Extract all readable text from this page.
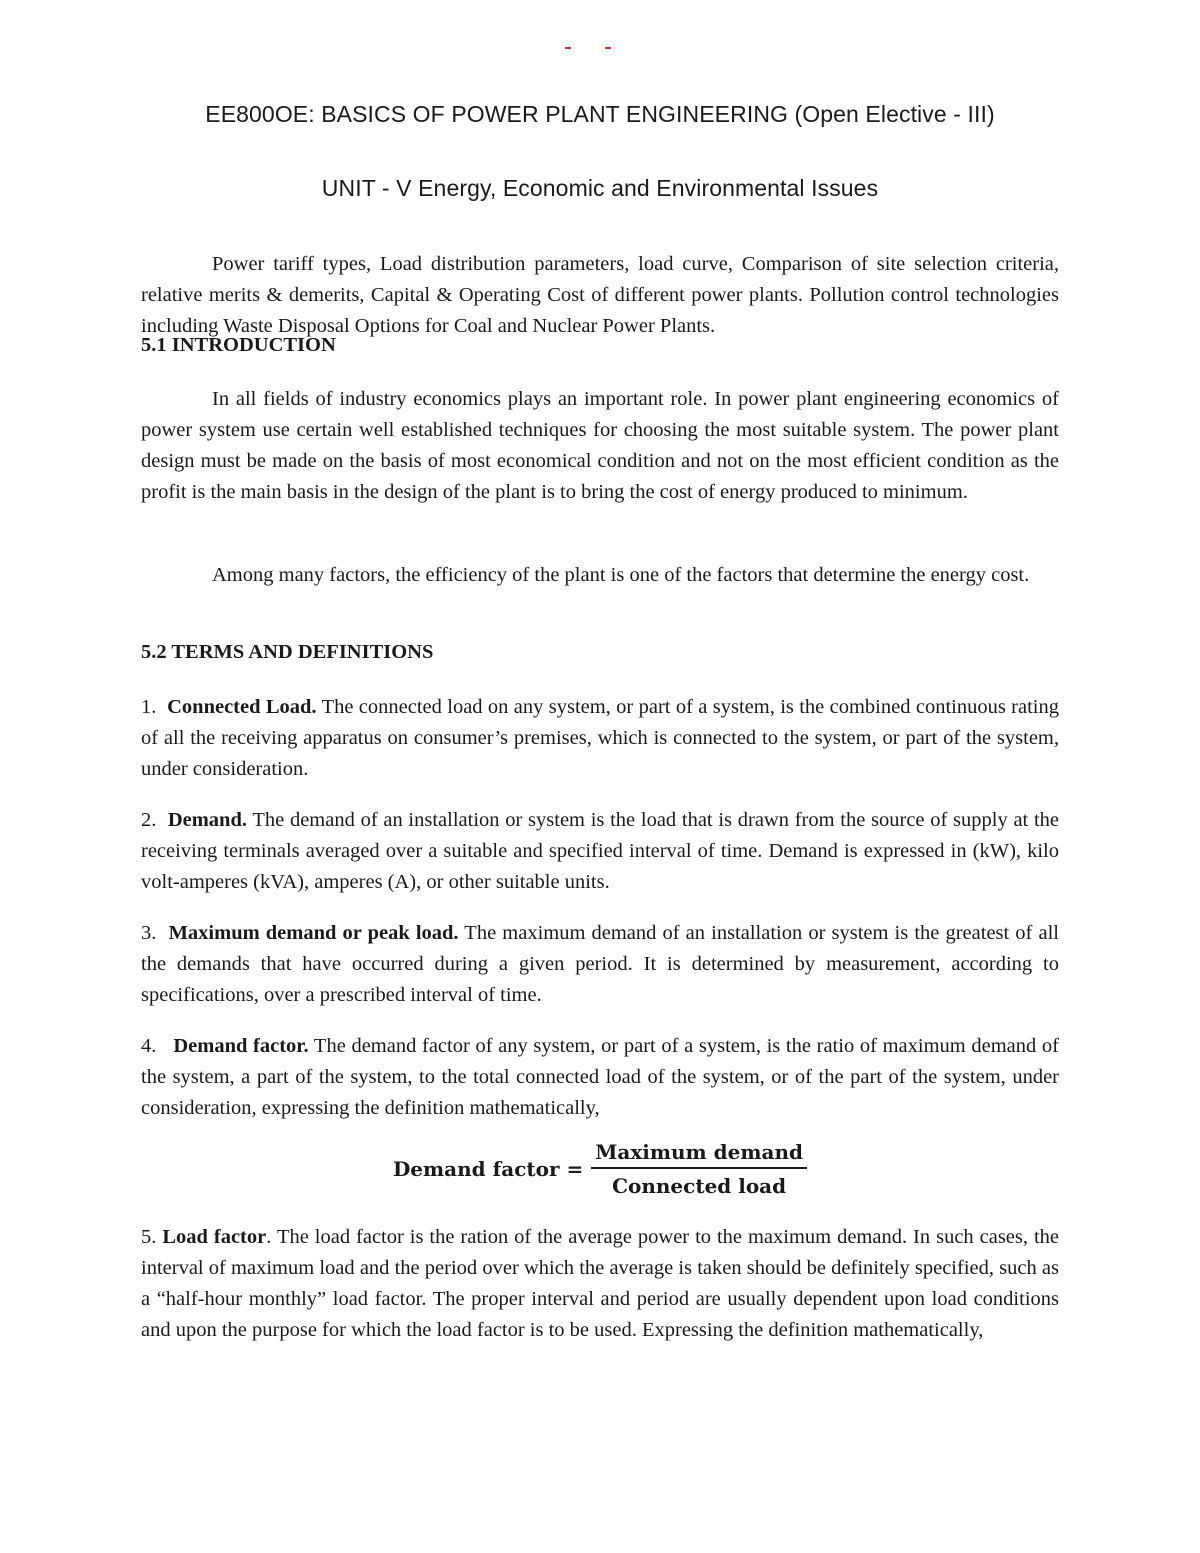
EE800OE: BASICS OF POWER PLANT ENGINEERING (Open Elective - III)
UNIT - V Energy, Economic and Environmental Issues

Power tariff types, Load distribution parameters, load curve, Comparison of site selection criteria, relative merits & demerits, Capital & Operating Cost of different power plants. Pollution control technologies including Waste Disposal Options for Coal and Nuclear Power Plants.

5.1 INTRODUCTION

In all fields of industry economics plays an important role. In power plant engineering economics of power system use certain well established techniques for choosing the most suitable system. The power plant design must be made on the basis of most economical condition and not on the most efficient condition as the profit is the main basis in the design of the plant is to bring the cost of energy produced to minimum.

Among many factors, the efficiency of the plant is one of the factors that determine the energy cost.

5.2 TERMS AND DEFINITIONS

1. Connected Load. The connected load on any system, or part of a system, is the combined continuous rating of all the receiving apparatus on consumer’s premises, which is connected to the system, or part of the system, under consideration.

2. Demand. The demand of an installation or system is the load that is drawn from the source of supply at the receiving terminals averaged over a suitable and specified interval of time. Demand is expressed in (kW), kilo volt-amperes (kVA), amperes (A), or other suitable units.

3. Maximum demand or peak load. The maximum demand of an installation or system is the greatest of all the demands that have occurred during a given period. It is determined by measurement, according to specifications, over a prescribed interval of time.

4. Demand factor. The demand factor of any system, or part of a system, is the ratio of maximum demand of the system, a part of the system, to the total connected load of the system, or of the part of the system, under consideration, expressing the definition mathematically,

Demand factor = $\frac{\text{Maximum demand}}{\text{Connected load}}$

5. Load factor. The load factor is the ration of the average power to the maximum demand. In such cases, the interval of maximum load and the period over which the average is taken should be definitely specified, such as a “half-hour monthly” load factor. The proper interval and period are usually dependent upon load conditions and upon the purpose for which the load factor is to be used. Expressing the definition mathematically,
